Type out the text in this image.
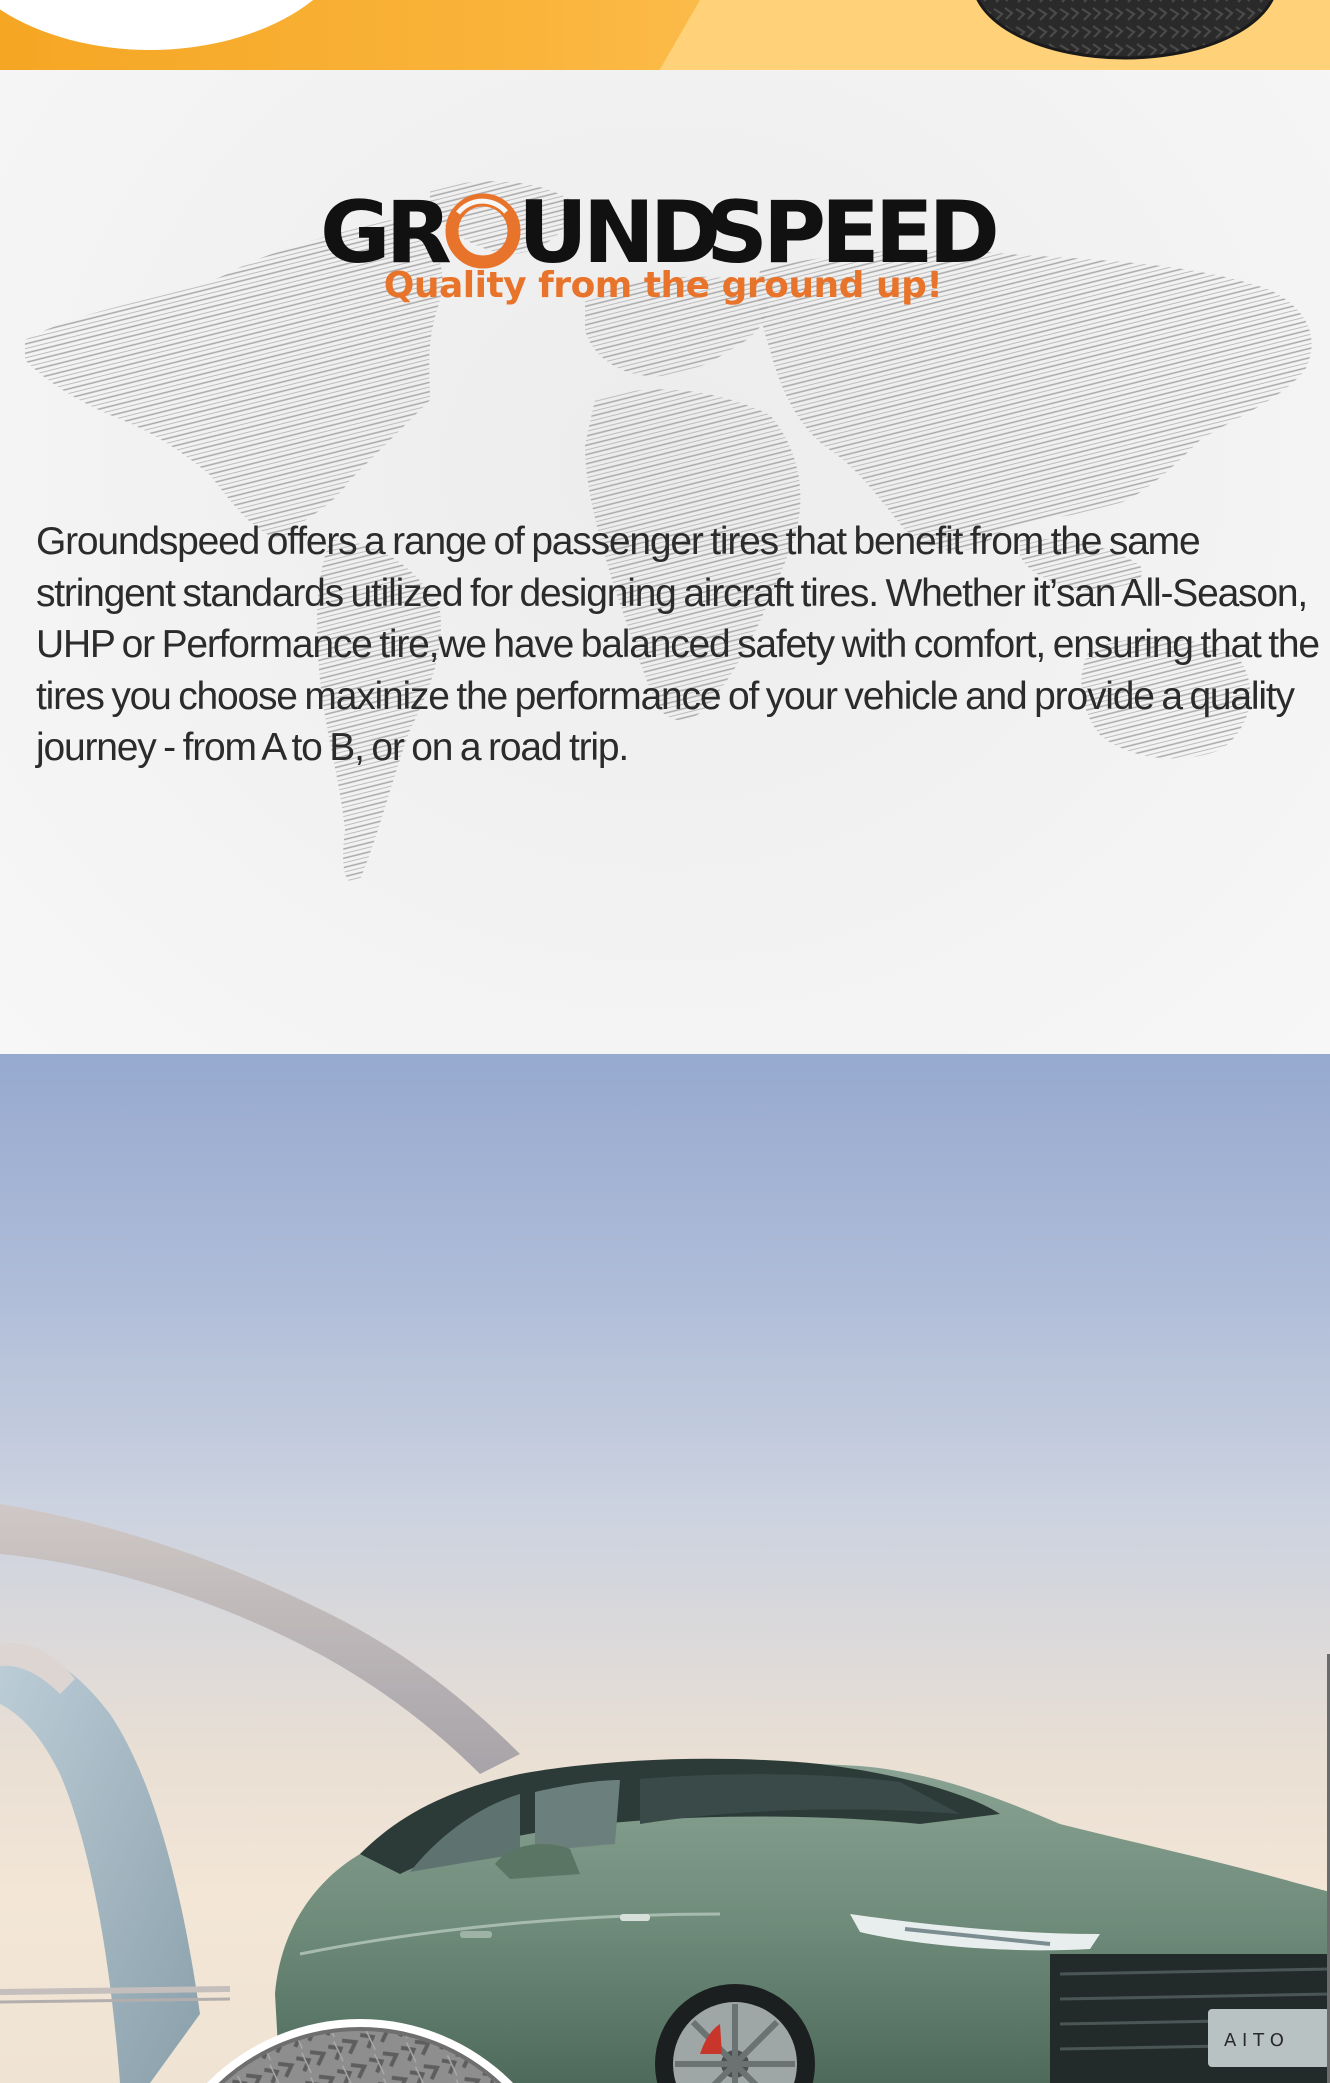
GR UND
SPEED
Quality from the ground up!

Groundspeed offers a range of passenger tires that benefit from the same stringent standards utilized for designing aircraft tires. Whether it’san All-Season, UHP or Performance tire,we have balanced safety with comfort, ensuring that the tires you choose maxinize the performance of your vehicle and provide a quality journey - from A to B, or on a road trip.

A I T O
